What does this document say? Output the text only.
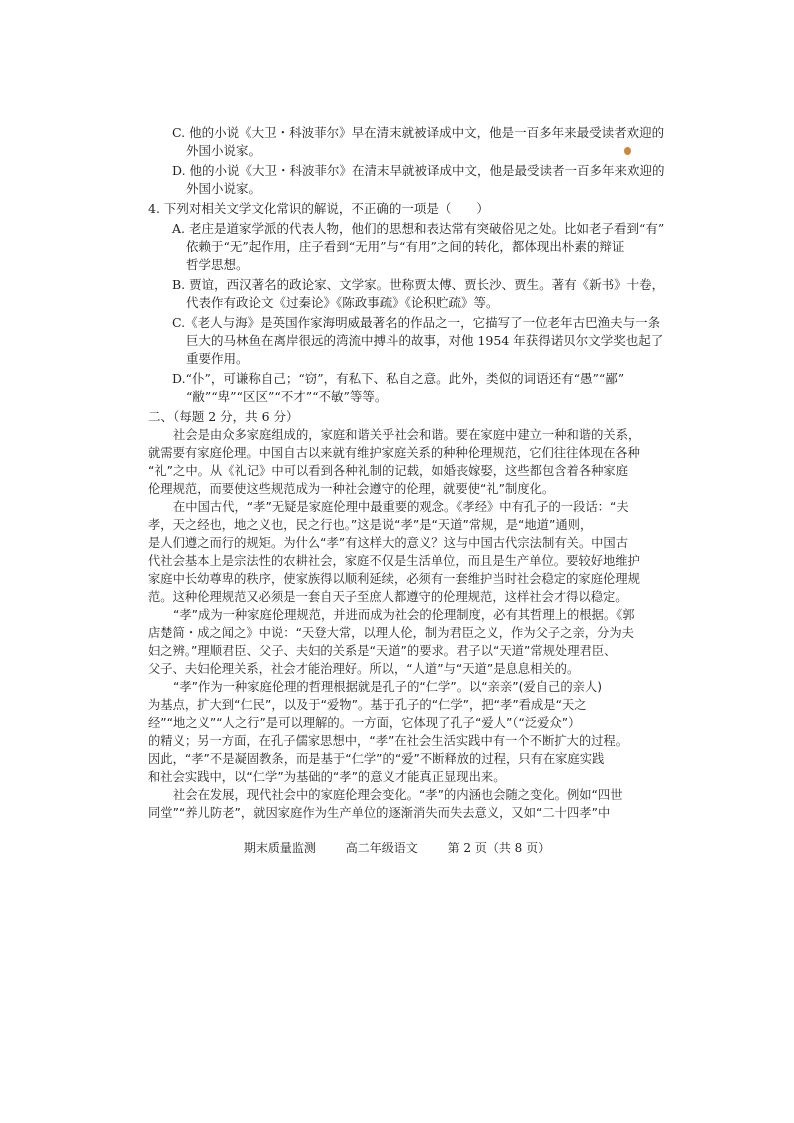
C. 他的小说《大卫・科波菲尔》早在清末就被译成中文，他是一百多年来最受读者欢迎的
外国小说家。
D. 他的小说《大卫・科波菲尔》在清末早就被译成中文，他是最受读者一百多年来欢迎的
外国小说家。
4. 下列对相关文学文化常识的解说，不正确的一项是（　　）
A. 老庄是道家学派的代表人物，他们的思想和表达常有突破俗见之处。比如老子看到“有”
依赖于“无”起作用，庄子看到“无用”与“有用”之间的转化，都体现出朴素的辩证
哲学思想。
B. 贾谊，西汉著名的政论家、文学家。世称贾太傅、贾长沙、贾生。著有《新书》十卷，
代表作有政论文《过秦论》《陈政事疏》《论积贮疏》等。
C.《老人与海》是英国作家海明威最著名的作品之一，它描写了一位老年古巴渔夫与一条
巨大的马林鱼在离岸很远的湾流中搏斗的故事，对他 1954 年获得诺贝尔文学奖也起了
重要作用。
D.“仆”，可谦称自己；“窃”，有私下、私自之意。此外，类似的词语还有“愚”“鄙”
“敝”“卑”“区区”“不才”“不敏”等等。
二、（每题 2 分，共 6 分）
社会是由众多家庭组成的，家庭和谐关乎社会和谐。要在家庭中建立一种和谐的关系，
就需要有家庭伦理。中国自古以来就有维护家庭关系的种种伦理规范，它们往往体现在各种
“礼”之中。从《礼记》中可以看到各种礼制的记载，如婚丧嫁娶，这些都包含着各种家庭
伦理规范，而要使这些规范成为一种社会遵守的伦理，就要使“礼”制度化。
在中国古代，“孝”无疑是家庭伦理中最重要的观念。《孝经》中有孔子的一段话：“夫
孝，天之经也，地之义也，民之行也。”这是说“孝”是“天道”常规，是“地道”通则，
是人们遵之而行的规矩。为什么“孝”有这样大的意义？这与中国古代宗法制有关。中国古
代社会基本上是宗法性的农耕社会，家庭不仅是生活单位，而且是生产单位。要较好地维护
家庭中长幼尊卑的秩序，使家族得以顺利延续，必须有一套维护当时社会稳定的家庭伦理规
范。这种伦理规范又必须是一套自天子至庶人都遵守的伦理规范，这样社会才得以稳定。
“孝”成为一种家庭伦理规范，并进而成为社会的伦理制度，必有其哲理上的根据。《郭
店楚简・成之闻之》中说：“天登大常，以理人伦，制为君臣之义，作为父子之亲，分为夫
妇之辨。”理顺君臣、父子、夫妇的关系是“天道”的要求。君子以“天道”常规处理君臣、
父子、夫妇伦理关系，社会才能治理好。所以，“人道”与“天道”是息息相关的。
“孝”作为一种家庭伦理的哲理根据就是孔子的“仁学”。以“亲亲”(爱自己的亲人)
为基点，扩大到“仁民”，以及于“爱物”。基于孔子的“仁学”，把“孝”看成是“天之
经”“地之义”“人之行”是可以理解的。一方面，它体现了孔子“爱人”（“泛爱众”）
的精义；另一方面，在孔子儒家思想中，“孝”在社会生活实践中有一个不断扩大的过程。
因此，“孝”不是凝固教条，而是基于“仁学”的“爱”不断释放的过程，只有在家庭实践
和社会实践中，以“仁学”为基础的“孝”的意义才能真正显现出来。
社会在发展，现代社会中的家庭伦理会变化。“孝”的内涵也会随之变化。例如“四世
同堂”“养儿防老”，就因家庭作为生产单位的逐渐消失而失去意义，又如“二十四孝”中
期末质量监测 高二年级语文 第 2 页（共 8 页）
